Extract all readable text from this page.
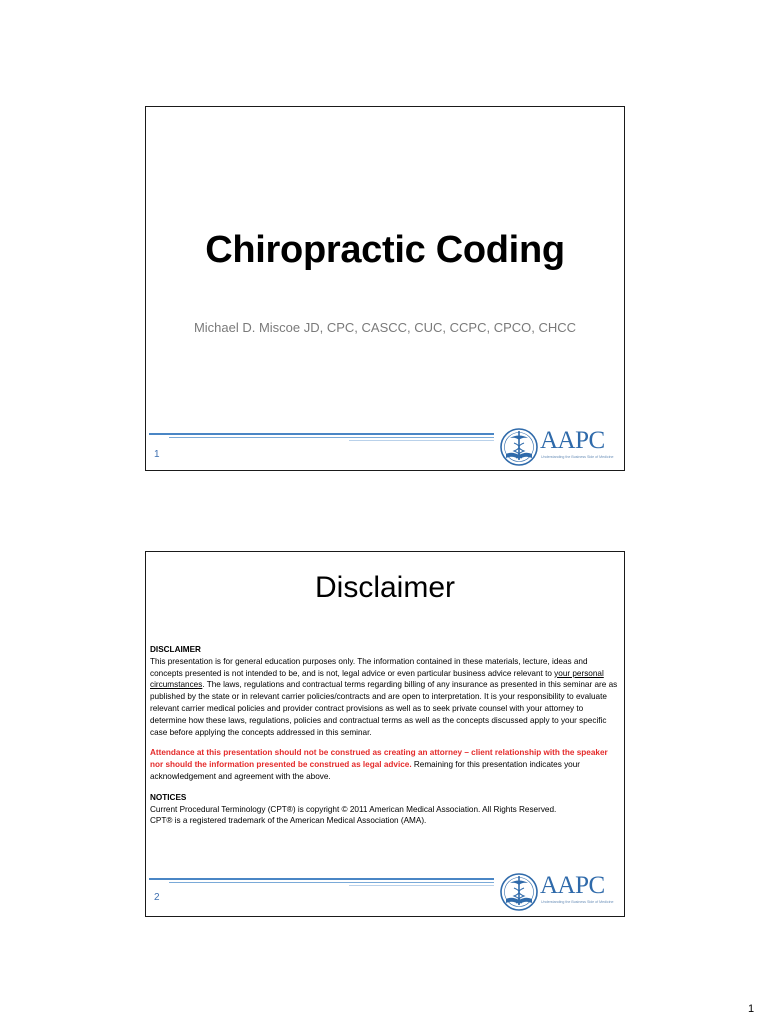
Chiropractic Coding
Michael D. Miscoe JD, CPC, CASCC, CUC, CCPC, CPCO, CHCC
1
AAPC
Understanding the Business Side of Medicine
Disclaimer

DISCLAIMER

This presentation is for general education purposes only. The information contained in these materials, lecture, ideas and concepts presented is not intended to be, and is not, legal advice or even particular business advice relevant to your personal circumstances. The laws, regulations and contractual terms regarding billing of any insurance as presented in this seminar are as published by the state or in relevant carrier policies/contracts and are open to interpretation. It is your responsibility to evaluate relevant carrier medical policies and provider contract provisions as well as to seek private counsel with your attorney to determine how these laws, regulations, policies and contractual terms as well as the concepts discussed apply to your specific case before applying the concepts addressed in this seminar.

Attendance at this presentation should not be construed as creating an attorney – client relationship with the speaker nor should the information presented be construed as legal advice. Remaining for this presentation indicates your acknowledgement and agreement with the above.

NOTICES

Current Procedural Terminology (CPT®) is copyright © 2011 American Medical Association. All Rights Reserved.

CPT® is a registered trademark of the American Medical Association (AMA).

2	AAPC
Understanding the Business Side of Medicine
1
